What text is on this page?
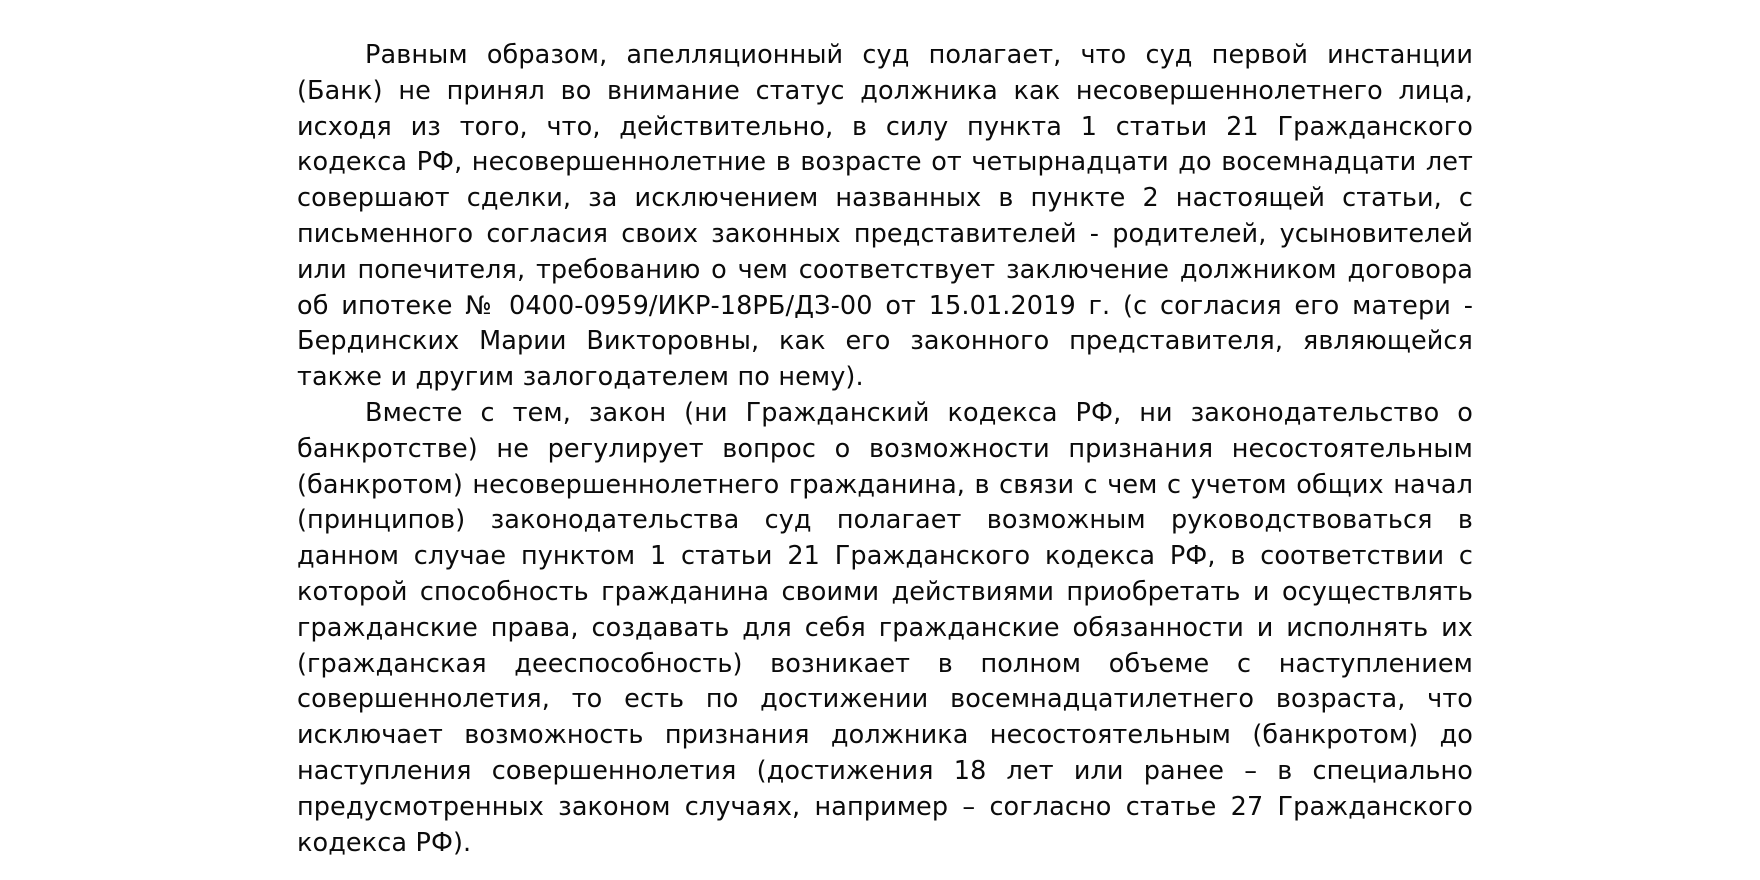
Равным образом, апелляционный суд полагает, что суд первой инстанции (Банк) не принял во внимание статус должника как несовершеннолетнего лица, исходя из того, что, действительно, в силу пункта 1 статьи 21 Гражданского кодекса РФ, несовершеннолетние в возрасте от четырнадцати до восемнадцати лет совершают сделки, за исключением названных в пункте 2 настоящей статьи, с письменного согласия своих законных представителей - родителей, усыновителей или попечителя, требованию о чем соответствует заключение должником договора об ипотеке № 0400-0959/ИКР-18РБ/ДЗ-00 от 15.01.2019 г. (с согласия его матери - Бердинских Марии Викторовны, как его законного представителя, являющейся также и другим залогодателем по нему).

Вместе с тем, закон (ни Гражданский кодекса РФ, ни законодательство о банкротстве) не регулирует вопрос о возможности признания несостоятельным (банкротом) несовершеннолетнего гражданина, в связи с чем с учетом общих начал (принципов) законодательства суд полагает возможным руководствоваться в данном случае пунктом 1 статьи 21 Гражданского кодекса РФ, в соответствии с которой способность гражданина своими действиями приобретать и осуществлять гражданские права, создавать для себя гражданские обязанности и исполнять их (гражданская дееспособность) возникает в полном объеме с наступлением совершеннолетия, то есть по достижении восемнадцатилетнего возраста, что исключает возможность признания должника несостоятельным (банкротом) до наступления совершеннолетия (достижения 18 лет или ранее – в специально предусмотренных законом случаях, например – согласно статье 27 Гражданского кодекса РФ).
